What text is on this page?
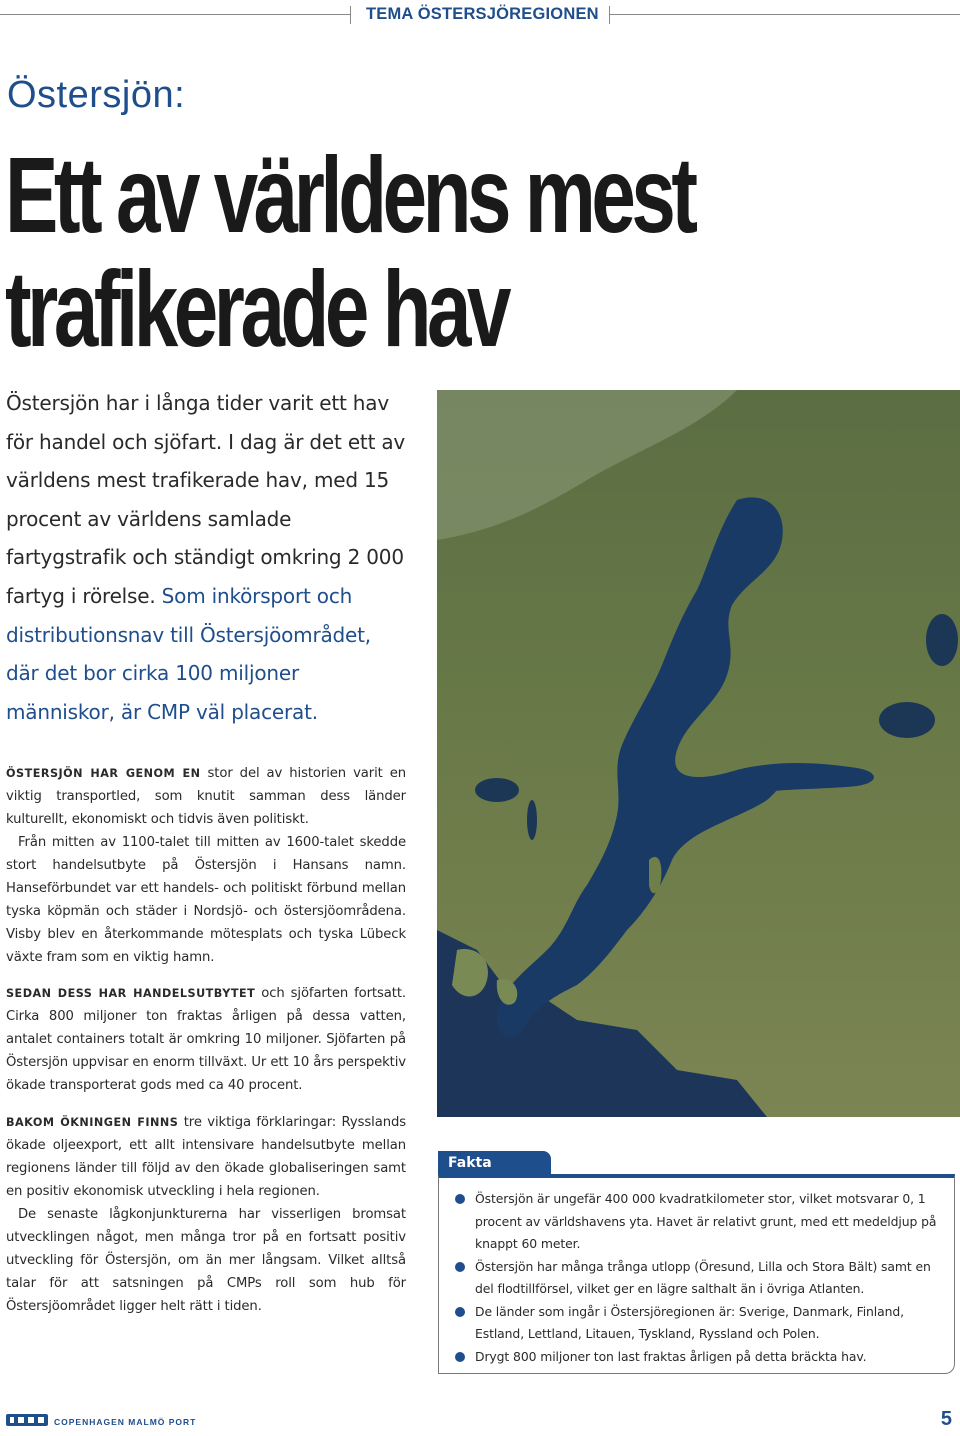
TEMA ÖSTERSJÖREGIONEN
Östersjön:
Ett av världens mest
trafikerade hav

Östersjön har i långa tider varit ett hav för handel och sjöfart. I dag är det ett av världens mest trafikerade hav, med 15 procent av världens samlade fartygstrafik och ständigt omkring 2 000 fartyg i rörelse. Som inkörsport och distributionsnav till Östersjöområdet, där det bor cirka 100 miljoner människor, är CMP väl placerat.

ÖSTERSJÖN HAR GENOM EN stor del av historien varit en viktig transportled, som knutit samman dess länder kulturellt, ekonomiskt och tidvis även politiskt.

Från mitten av 1100-talet till mitten av 1600-talet skedde stort handelsutbyte på Östersjön i Hansans namn. Hanseförbundet var ett handels- och politiskt förbund mellan tyska köpmän och städer i Nordsjö- och östersjöområdena. Visby blev en återkommande mötesplats och tyska Lübeck växte fram som en viktig hamn.

SEDAN DESS HAR HANDELSUTBYTET och sjöfarten fortsatt. Cirka 800 miljoner ton fraktas årligen på dessa vatten, antalet containers totalt är omkring 10 miljoner. Sjöfarten på Östersjön uppvisar en enorm tillväxt. Ur ett 10 års perspektiv ökade transporterat gods med ca 40 procent.

BAKOM ÖKNINGEN FINNS tre viktiga förklaringar: Rysslands ökade oljeexport, ett allt intensivare handelsutbyte mellan regionens länder till följd av den ökade globaliseringen samt en positiv ekonomisk utveckling i hela regionen.

De senaste lågkonjunkturerna har visserligen bromsat utvecklingen något, men många tror på en fortsatt positiv utveckling för Östersjön, om än mer långsam. Vilket alltså talar för att satsningen på CMPs roll som hub för Östersjöområdet ligger helt rätt i tiden.

Fakta
Östersjön är ungefär 400 000 kvadratkilometer stor, vilket motsvarar 0, 1 procent av världshavens yta. Havet är relativt grunt, med ett medeldjup på knappt 60 meter.
Östersjön har många trånga utlopp (Öresund, Lilla och Stora Bält) samt en del flodtillförsel, vilket ger en lägre salthalt än i övriga Atlanten.
De länder som ingår i Östersjöregionen är: Sverige, Danmark, Finland, Estland, Lettland, Litauen, Tyskland, Ryssland och Polen.
Drygt 800 miljoner ton last fraktas årligen på detta bräckta hav.
COPENHAGEN MALMÖ PORT	5
